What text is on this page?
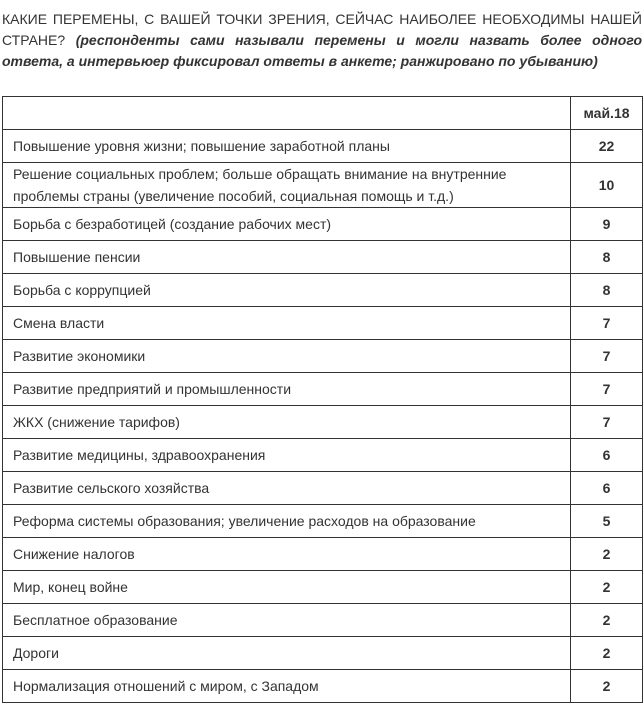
КАКИЕ ПЕРЕМЕНЫ, С ВАШЕЙ ТОЧКИ ЗРЕНИЯ, СЕЙЧАС НАИБОЛЕЕ НЕОБХОДИМЫ НАШЕЙ СТРАНЕ? (респонденты сами называли перемены и могли назвать более одного ответа, а интервьюер фиксировал ответы в анкете; ранжировано по убыванию)
	май.18
Повышение уровня жизни; повышение заработной планы	22
Решение социальных проблем; больше обращать внимание на внутренние проблемы страны (увеличение пособий, социальная помощь и т.д.)	10
Борьба с безработицей (создание рабочих мест)	9
Повышение пенсии	8
Борьба с коррупцией	8
Смена власти	7
Развитие экономики	7
Развитие предприятий и промышленности	7
ЖКХ (снижение тарифов)	7
Развитие медицины, здравоохранения	6
Развитие сельского хозяйства	6
Реформа системы образования; увеличение расходов на образование	5
Снижение налогов	2
Мир, конец войне	2
Бесплатное образование	2
Дороги	2
Нормализация отношений с миром, с Западом	2
